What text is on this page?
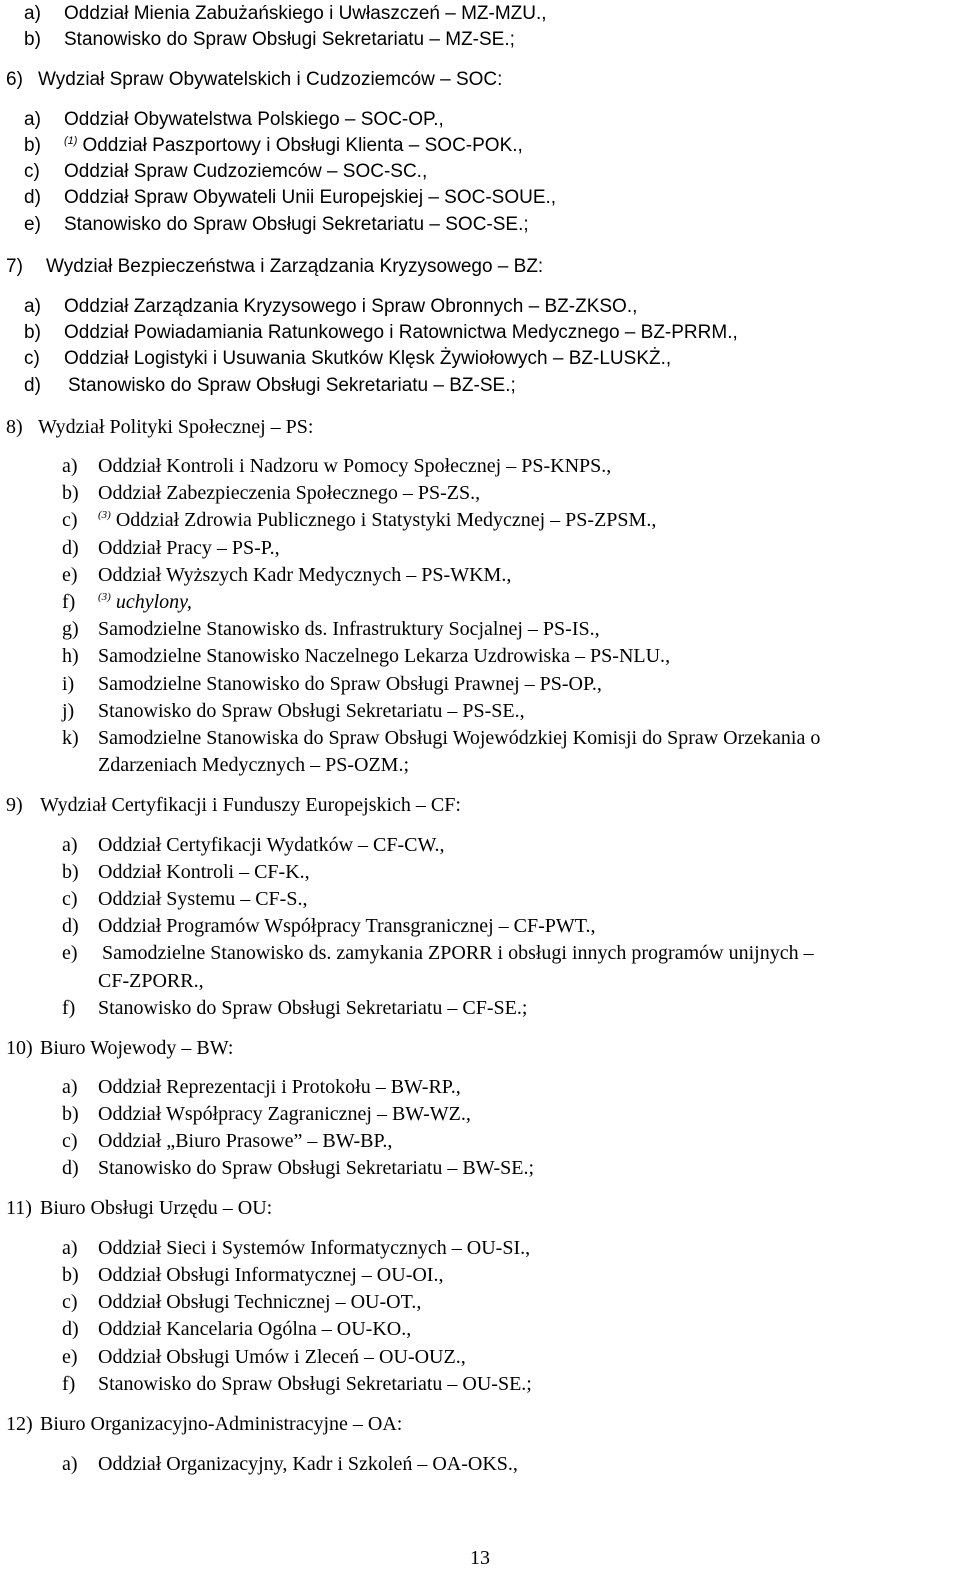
a) Oddział Mienia Zabużańskiego i Uwłaszczeń – MZ-MZU.,
b) Stanowisko do Spraw Obsługi Sekretariatu – MZ-SE.;
6) Wydział Spraw Obywatelskich i Cudzoziemców – SOC:
a) Oddział Obywatelstwa Polskiego – SOC-OP.,
b) $^{(1)}$ Oddział Paszportowy i Obsługi Klienta – SOC-POK.,
c) Oddział Spraw Cudzoziemców – SOC-SC.,
d) Oddział Spraw Obywateli Unii Europejskiej – SOC-SOUE.,
e) Stanowisko do Spraw Obsługi Sekretariatu – SOC-SE.;
7) Wydział Bezpieczeństwa i Zarządzania Kryzysowego – BZ:
a) Oddział Zarządzania Kryzysowego i Spraw Obronnych – BZ-ZKSO.,
b) Oddział Powiadamiania Ratunkowego i Ratownictwa Medycznego – BZ-PRRM.,
c) Oddział Logistyki i Usuwania Skutków Klęsk Żywiołowych – BZ-LUSKŻ.,
d) Stanowisko do Spraw Obsługi Sekretariatu – BZ-SE.;
8) Wydział Polityki Społecznej – PS:
a) Oddział Kontroli i Nadzoru w Pomocy Społecznej – PS-KNPS.,
b) Oddział Zabezpieczenia Społecznego – PS-ZS.,
c) $^{(3)}$ Oddział Zdrowia Publicznego i Statystyki Medycznej – PS-ZPSM.,
d) Oddział Pracy – PS-P.,
e) Oddział Wyższych Kadr Medycznych – PS-WKM.,
f) $^{(3)}$ uchylony,
g) Samodzielne Stanowisko ds. Infrastruktury Socjalnej – PS-IS.,
h) Samodzielne Stanowisko Naczelnego Lekarza Uzdrowiska – PS-NLU.,
i) Samodzielne Stanowisko do Spraw Obsługi Prawnej – PS-OP.,
j) Stanowisko do Spraw Obsługi Sekretariatu – PS-SE.,
k) Samodzielne Stanowiska do Spraw Obsługi Wojewódzkiej Komisji do Spraw Orzekania o
Zdarzeniach Medycznych – PS-OZM.;
9) Wydział Certyfikacji i Funduszy Europejskich – CF:
a) Oddział Certyfikacji Wydatków – CF-CW.,
b) Oddział Kontroli – CF-K.,
c) Oddział Systemu – CF-S.,
d) Oddział Programów Współpracy Transgranicznej – CF-PWT.,
e) Samodzielne Stanowisko ds. zamykania ZPORR i obsługi innych programów unijnych –
CF-ZPORR.,
f) Stanowisko do Spraw Obsługi Sekretariatu – CF-SE.;
10) Biuro Wojewody – BW:
a) Oddział Reprezentacji i Protokołu – BW-RP.,
b) Oddział Współpracy Zagranicznej – BW-WZ.,
c) Oddział „Biuro Prasowe” – BW-BP.,
d) Stanowisko do Spraw Obsługi Sekretariatu – BW-SE.;
11) Biuro Obsługi Urzędu – OU:
a) Oddział Sieci i Systemów Informatycznych – OU-SI.,
b) Oddział Obsługi Informatycznej – OU-OI.,
c) Oddział Obsługi Technicznej – OU-OT.,
d) Oddział Kancelaria Ogólna – OU-KO.,
e) Oddział Obsługi Umów i Zleceń – OU-OUZ.,
f) Stanowisko do Spraw Obsługi Sekretariatu – OU-SE.;
12) Biuro Organizacyjno-Administracyjne – OA:
a) Oddział Organizacyjny, Kadr i Szkoleń – OA-OKS.,
13
